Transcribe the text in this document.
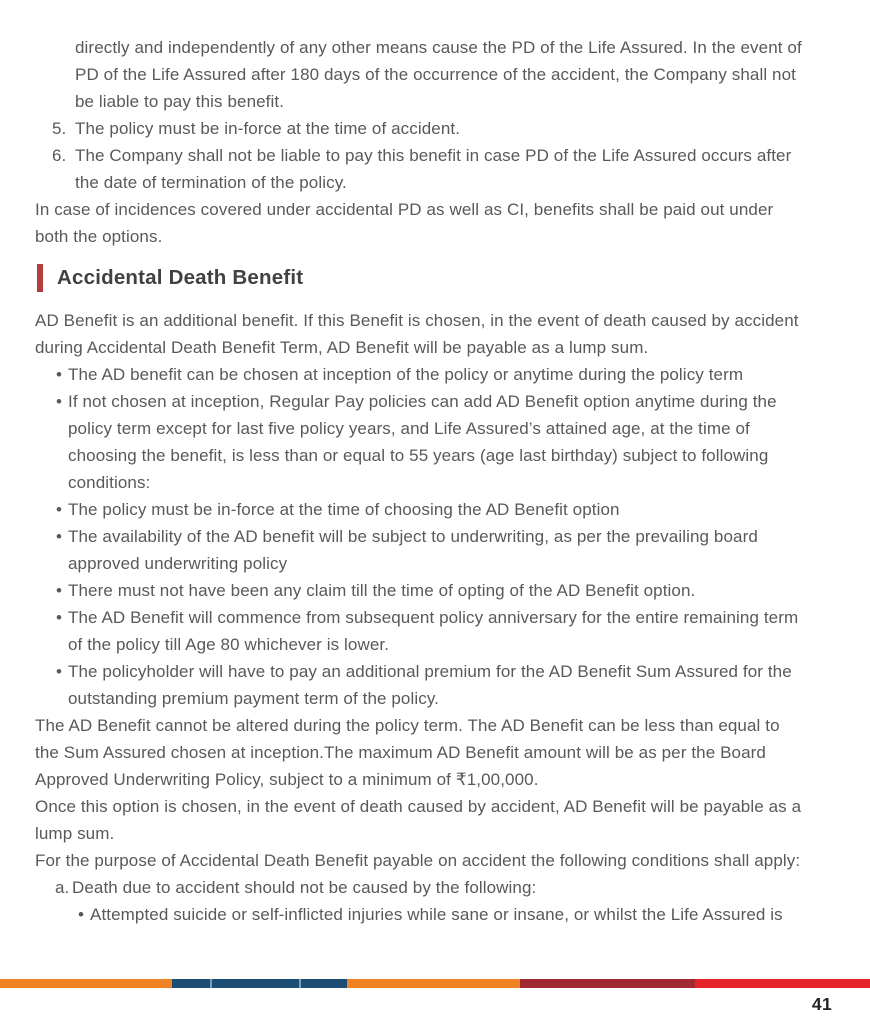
directly and independently of any other means cause the PD of the Life Assured. In the event of PD of the Life Assured after 180 days of the occurrence of the accident, the Company shall not be liable to pay this benefit.

5. The policy must be in-force at the time of accident.
6. The Company shall not be liable to pay this benefit in case PD of the Life Assured occurs after the date of termination of the policy.

In case of incidences covered under accidental PD as well as CI, benefits shall be paid out under both the options.

Accidental Death Benefit

AD Benefit is an additional benefit. If this Benefit is chosen, in the event of death caused by accident during Accidental Death Benefit Term, AD Benefit will be payable as a lump sum.

• The AD benefit can be chosen at inception of the policy or anytime during the policy term
• If not chosen at inception, Regular Pay policies can add AD Benefit option anytime during the policy term except for last five policy years, and Life Assured’s attained age, at the time of choosing the benefit, is less than or equal to 55 years (age last birthday) subject to following conditions:
• The policy must be in-force at the time of choosing the AD Benefit option
• The availability of the AD benefit will be subject to underwriting, as per the prevailing board approved underwriting policy
• There must not have been any claim till the time of opting of the AD Benefit option.
• The AD Benefit will commence from subsequent policy anniversary for the entire remaining term of the policy till Age 80 whichever is lower.
• The policyholder will have to pay an additional premium for the AD Benefit Sum Assured for the outstanding premium payment term of the policy.

The AD Benefit cannot be altered during the policy term. The AD Benefit can be less than equal to the Sum Assured chosen at inception.The maximum AD Benefit amount will be as per the Board Approved Underwriting Policy, subject to a minimum of ₹1,00,000.

Once this option is chosen, in the event of death caused by accident, AD Benefit will be payable as a lump sum.

For the purpose of Accidental Death Benefit payable on accident the following conditions shall apply:

a. Death due to accident should not be caused by the following:
• Attempted suicide or self-inflicted injuries while sane or insane, or whilst the Life Assured is
41
